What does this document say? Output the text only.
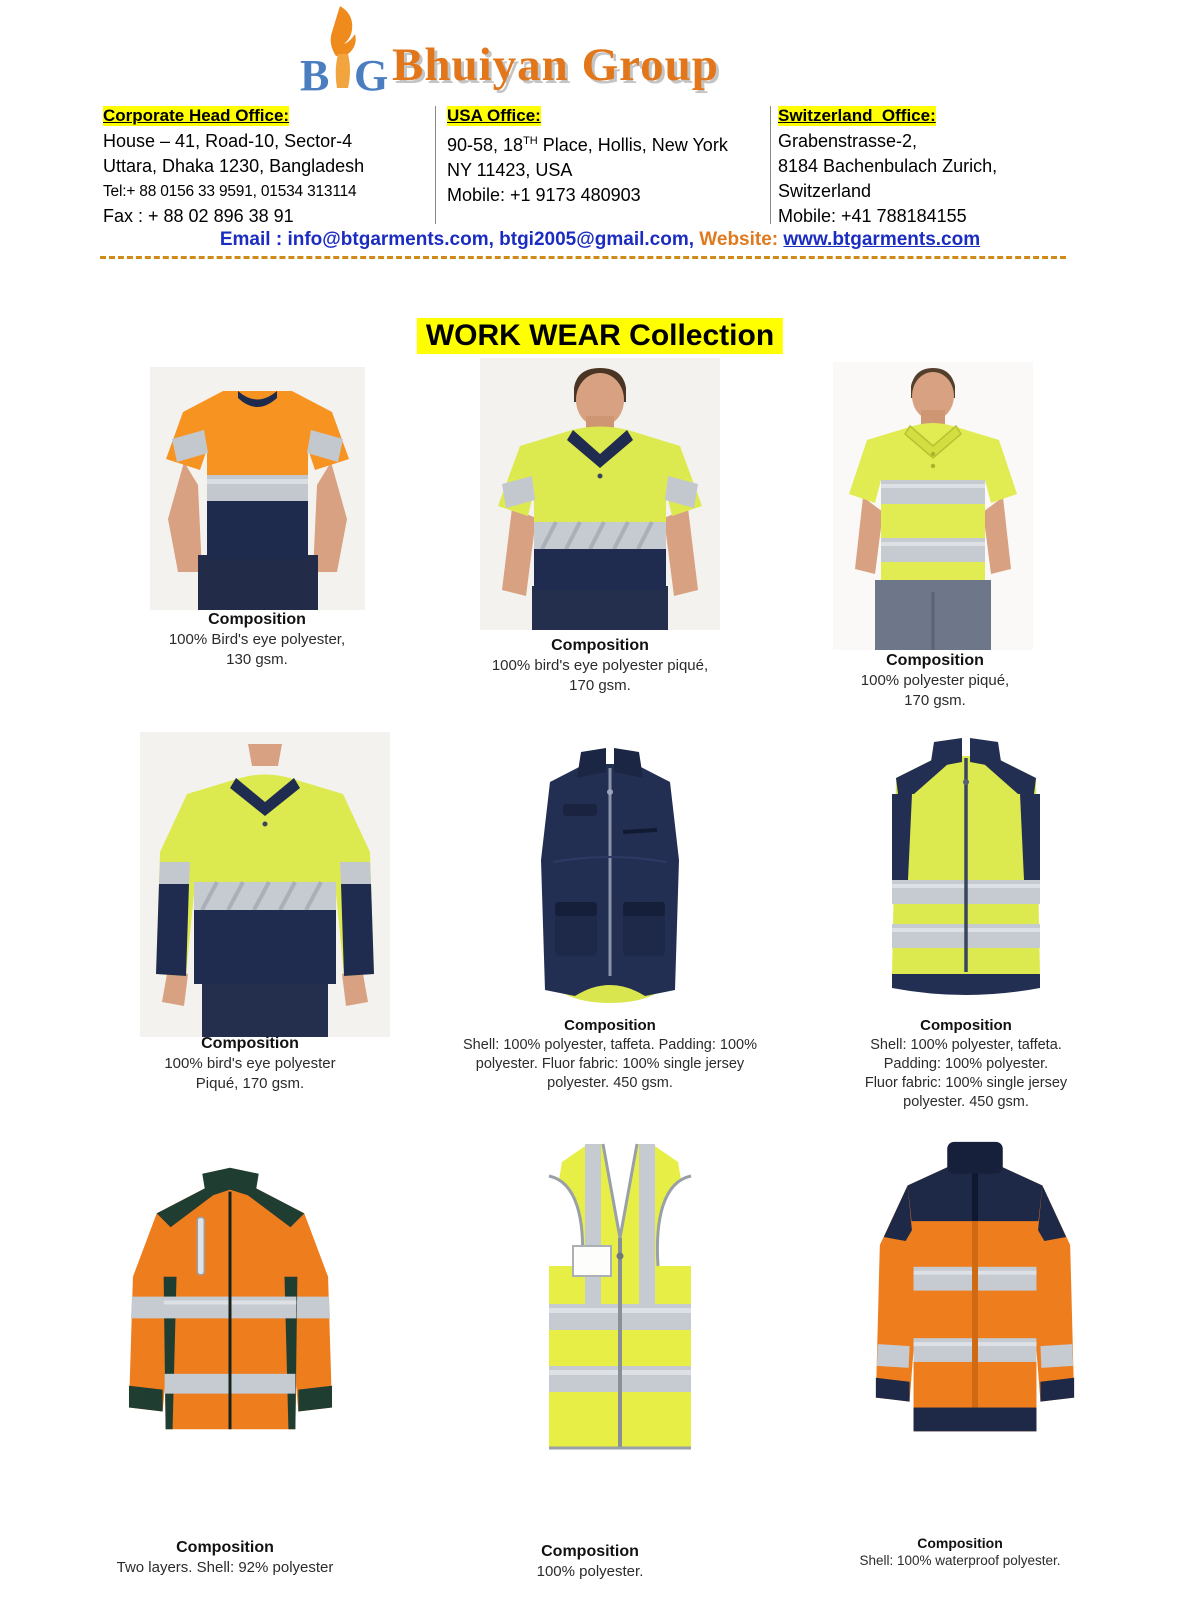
B G Bhuiyan Group
Corporate Head Office:
House – 41, Road-10, Sector-4
Uttara, Dhaka 1230, Bangladesh
Tel:+ 88 0156 33 9591, 01534 313114
Fax : + 88 02 896 38 91
USA Office:
90-58, 18TH Place, Hollis, New York
NY 11423, USA
Mobile: +1 9173 480903
Switzerland  Office:
Grabenstrasse-2,
8184 Bachenbulach Zurich,
Switzerland
Mobile: +41 788184155
Email : info@btgarments.com, btgi2005@gmail.com, Website: www.btgarments.com
WORK WEAR Collection
Composition
100% Bird's eye polyester,
130 gsm.
Composition
100% bird's eye polyester piqué,
170 gsm.
Composition
100% polyester piqué,
170 gsm.
Composition
100% bird's eye polyester
Piqué, 170 gsm.
Composition
Shell: 100% polyester, taffeta. Padding: 100%
polyester. Fluor fabric: 100% single jersey
polyester. 450 gsm.
Composition
Shell: 100% polyester, taffeta.
Padding: 100% polyester.
Fluor fabric: 100% single jersey
polyester. 450 gsm.
Composition
Two layers. Shell: 92% polyester
Composition
100% polyester.
Composition
Shell: 100% waterproof polyester.
